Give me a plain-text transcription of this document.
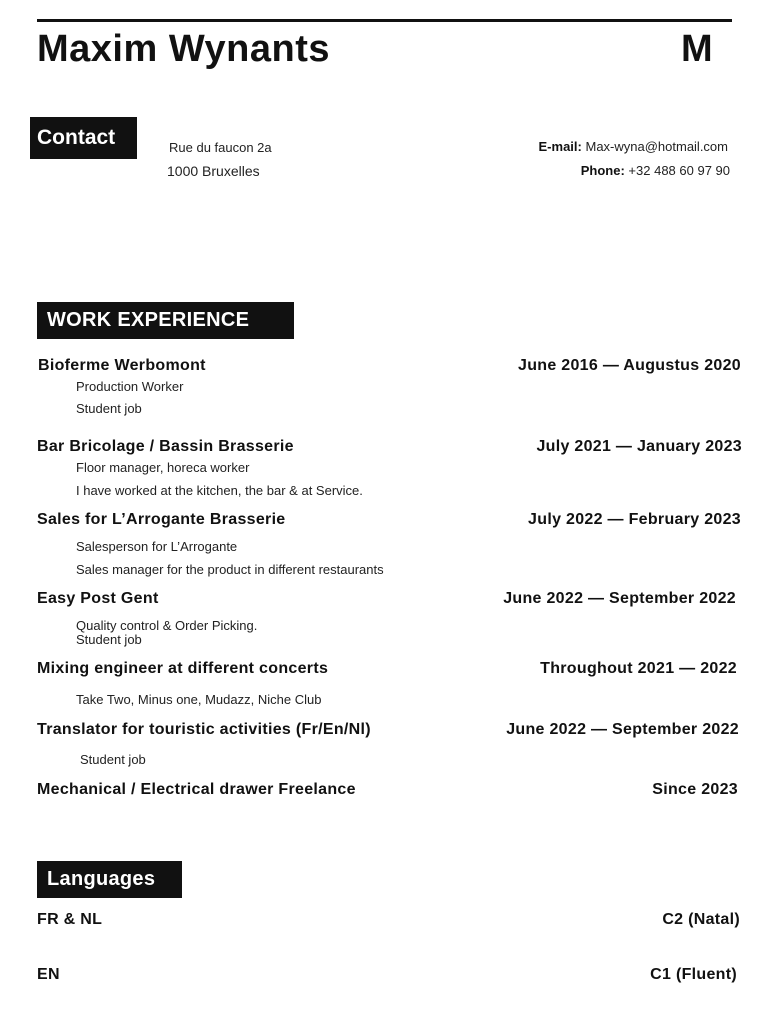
Maxim Wynants	M
Contact	Rue du faucon 2a
1000 Bruxelles
E-mail: Max-wyna@hotmail.com
Phone: +32 488 60 97 90
WORK EXPERIENCE
Bioferme Werbomont	June 2016 — Augustus 2020
Production Worker
Student job
Bar Bricolage / Bassin Brasserie	July 2021 — January 2023
Floor manager, horeca worker
I have worked at the kitchen, the bar & at Service.
Sales for L’Arrogante Brasserie	July 2022 — February 2023
Salesperson for L’Arrogante
Sales manager for the product in different restaurants
Easy Post Gent	June 2022 — September 2022
Quality control & Order Picking.
Student job
Mixing engineer at different concerts	Throughout 2021 — 2022
Take Two, Minus one, Mudazz, Niche Club
Translator for touristic activities (Fr/En/Nl)	June 2022 — September 2022
Student job
Mechanical / Electrical drawer Freelance	Since 2023
Languages
FR & NL	C2 (Natal)
EN	C1 (Fluent)
